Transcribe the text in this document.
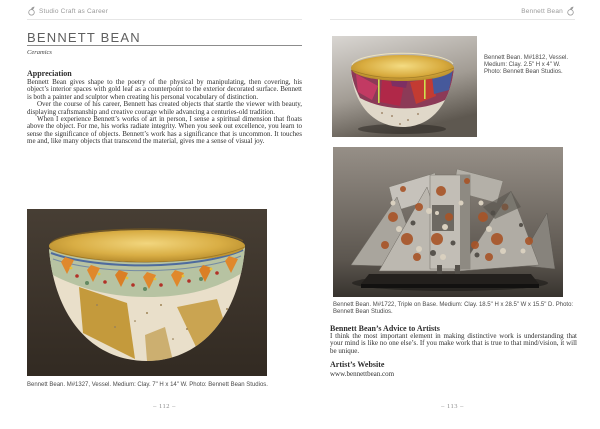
Studio Craft as Career	Bennett Bean
BENNETT BEAN
Ceramics
Appreciation

Bennett Bean gives shape to the poetry of the physical by manipulating, then covering, his object’s interior spaces with gold leaf as a counterpoint to the exterior decorated surface. Bennett is both a painter and sculptor when creating his personal vocabulary of distinction.

Over the course of his career, Bennett has created objects that startle the viewer with beauty, displaying craftsmanship and creative courage while advancing a centuries-old tradition.

When I experience Bennett’s works of art in person, I sense a spiritual dimension that floats above the object. For me, his works radiate integrity. When you seek out excellence, you learn to sense the significance of objects. Bennett’s work has a significance that is uncommon. It touches me and, like many objects that transcend the material, gives me a sense of visual joy.

Bennett Bean. M#1327, Vessel. Medium: Clay. 7" H x 14" W. Photo: Bennett Bean Studios.
– 112 –
Bennett Bean. M#1812, Vessel. Medium: Clay. 2.5" H x 4" W. Photo: Bennett Bean Studios.
Bennett Bean. M#1722, Triple on Base. Medium: Clay. 18.5" H x 28.5" W x 15.5" D. Photo: Bennett Bean Studios.
Bennett Bean’s Advice to Artists
I think the most important element in making distinctive work is understanding that your mind is like no one else’s. If you make work that is true to that mind/vision, it will be unique.
Artist’s Website
www.bennettbean.com
– 113 –
